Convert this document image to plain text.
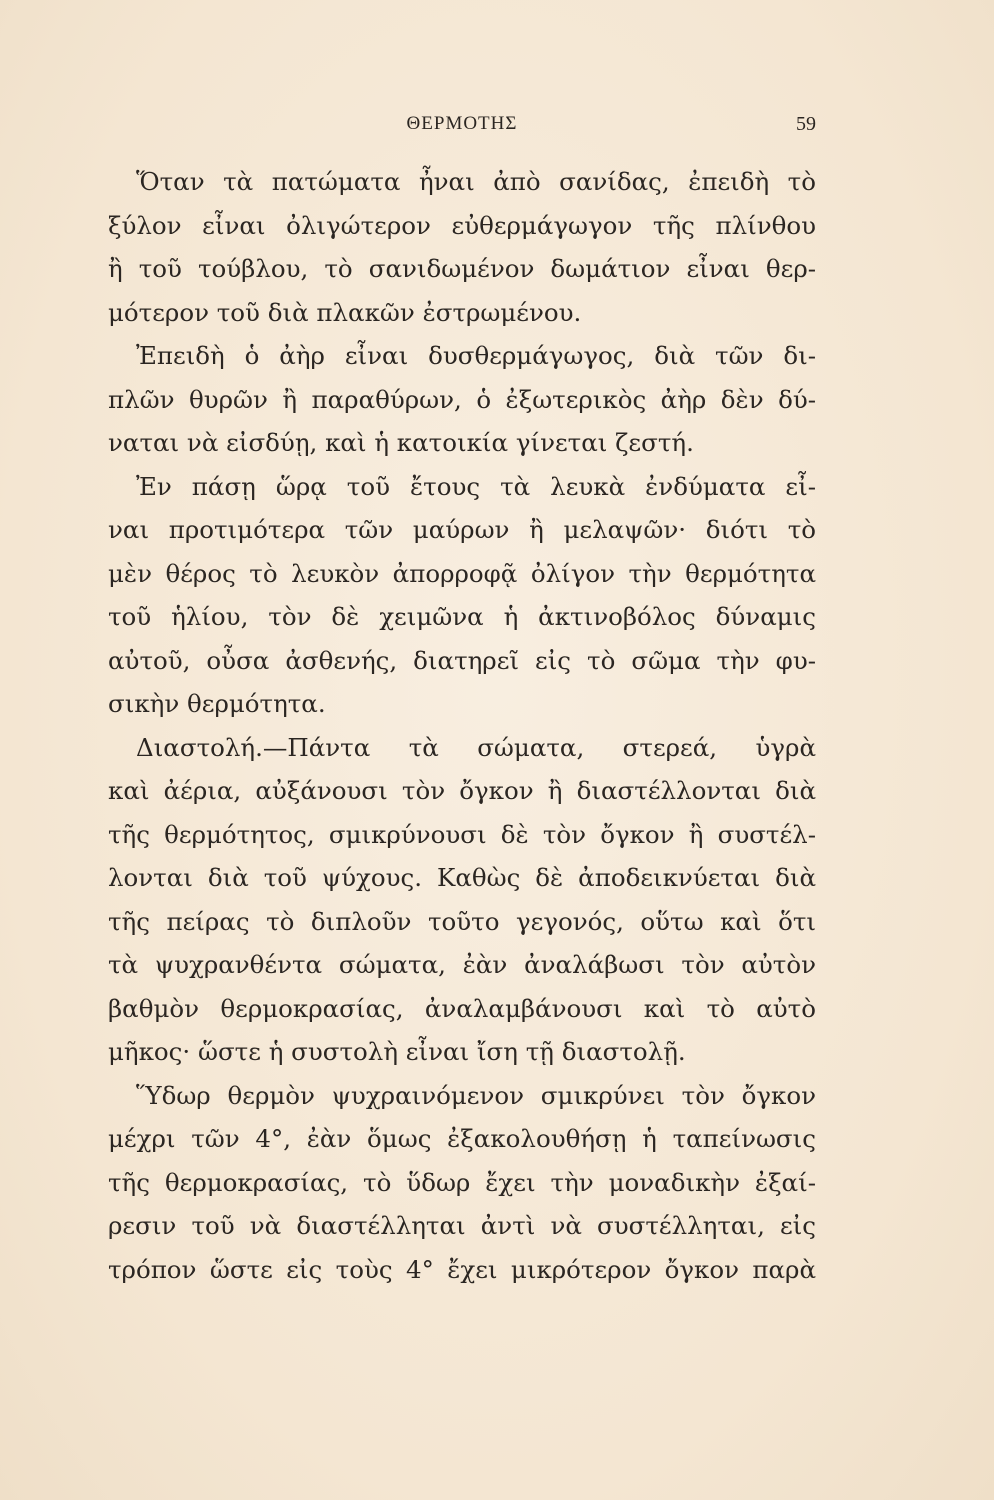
ΘΕΡΜΟΤΗΣ	59
Ὅταν τὰ πατώματα ἦναι ἀπὸ σανίδας, ἐπειδὴ τὸ
ξύλον εἶναι ὀλιγώτερον εὐθερμάγωγον τῆς πλίνθου
ἢ τοῦ τούβλου, τὸ σανιδωμένον δωμάτιον εἶναι θερ-
μότερον τοῦ διὰ πλακῶν ἐστρωμένου.
Ἐπειδὴ ὁ ἀὴρ εἶναι δυσθερμάγωγος, διὰ τῶν δι-
πλῶν θυρῶν ἢ παραθύρων, ὁ ἐξωτερικὸς ἀὴρ δὲν δύ-
ναται νὰ εἰσδύῃ, καὶ ἡ κατοικία γίνεται ζεστή.
Ἐν πάσῃ ὥρᾳ τοῦ ἔτους τὰ λευκὰ ἐνδύματα εἶ-
ναι προτιμότερα τῶν μαύρων ἢ μελαψῶν· διότι τὸ
μὲν θέρος τὸ λευκὸν ἀπορροφᾷ ὀλίγον τὴν θερμότητα
τοῦ ἡλίου, τὸν δὲ χειμῶνα ἡ ἀκτινοβόλος δύναμις
αὐτοῦ, οὖσα ἀσθενής, διατηρεῖ εἰς τὸ σῶμα τὴν φυ-
σικὴν θερμότητα.
Διαστολή.—Πάντα τὰ σώματα, στερεά, ὑγρὰ
καὶ ἀέρια, αὐξάνουσι τὸν ὄγκον ἢ διαστέλλονται διὰ
τῆς θερμότητος, σμικρύνουσι δὲ τὸν ὄγκον ἢ συστέλ-
λονται διὰ τοῦ ψύχους. Καθὼς δὲ ἀποδεικνύεται διὰ
τῆς πείρας τὸ διπλοῦν τοῦτο γεγονός, οὕτω καὶ ὅτι
τὰ ψυχρανθέντα σώματα, ἐὰν ἀναλάβωσι τὸν αὐτὸν
βαθμὸν θερμοκρασίας, ἀναλαμβάνουσι καὶ τὸ αὐτὸ
μῆκος· ὥστε ἡ συστολὴ εἶναι ἴση τῇ διαστολῇ.
Ὕδωρ θερμὸν ψυχραινόμενον σμικρύνει τὸν ὄγκον
μέχρι τῶν 4°, ἐὰν ὅμως ἐξακολουθήσῃ ἡ ταπείνωσις
τῆς θερμοκρασίας, τὸ ὕδωρ ἔχει τὴν μοναδικὴν ἐξαί-
ρεσιν τοῦ νὰ διαστέλληται ἀντὶ νὰ συστέλληται, εἰς
τρόπον ὥστε εἰς τοὺς 4° ἔχει μικρότερον ὄγκον παρὰ
